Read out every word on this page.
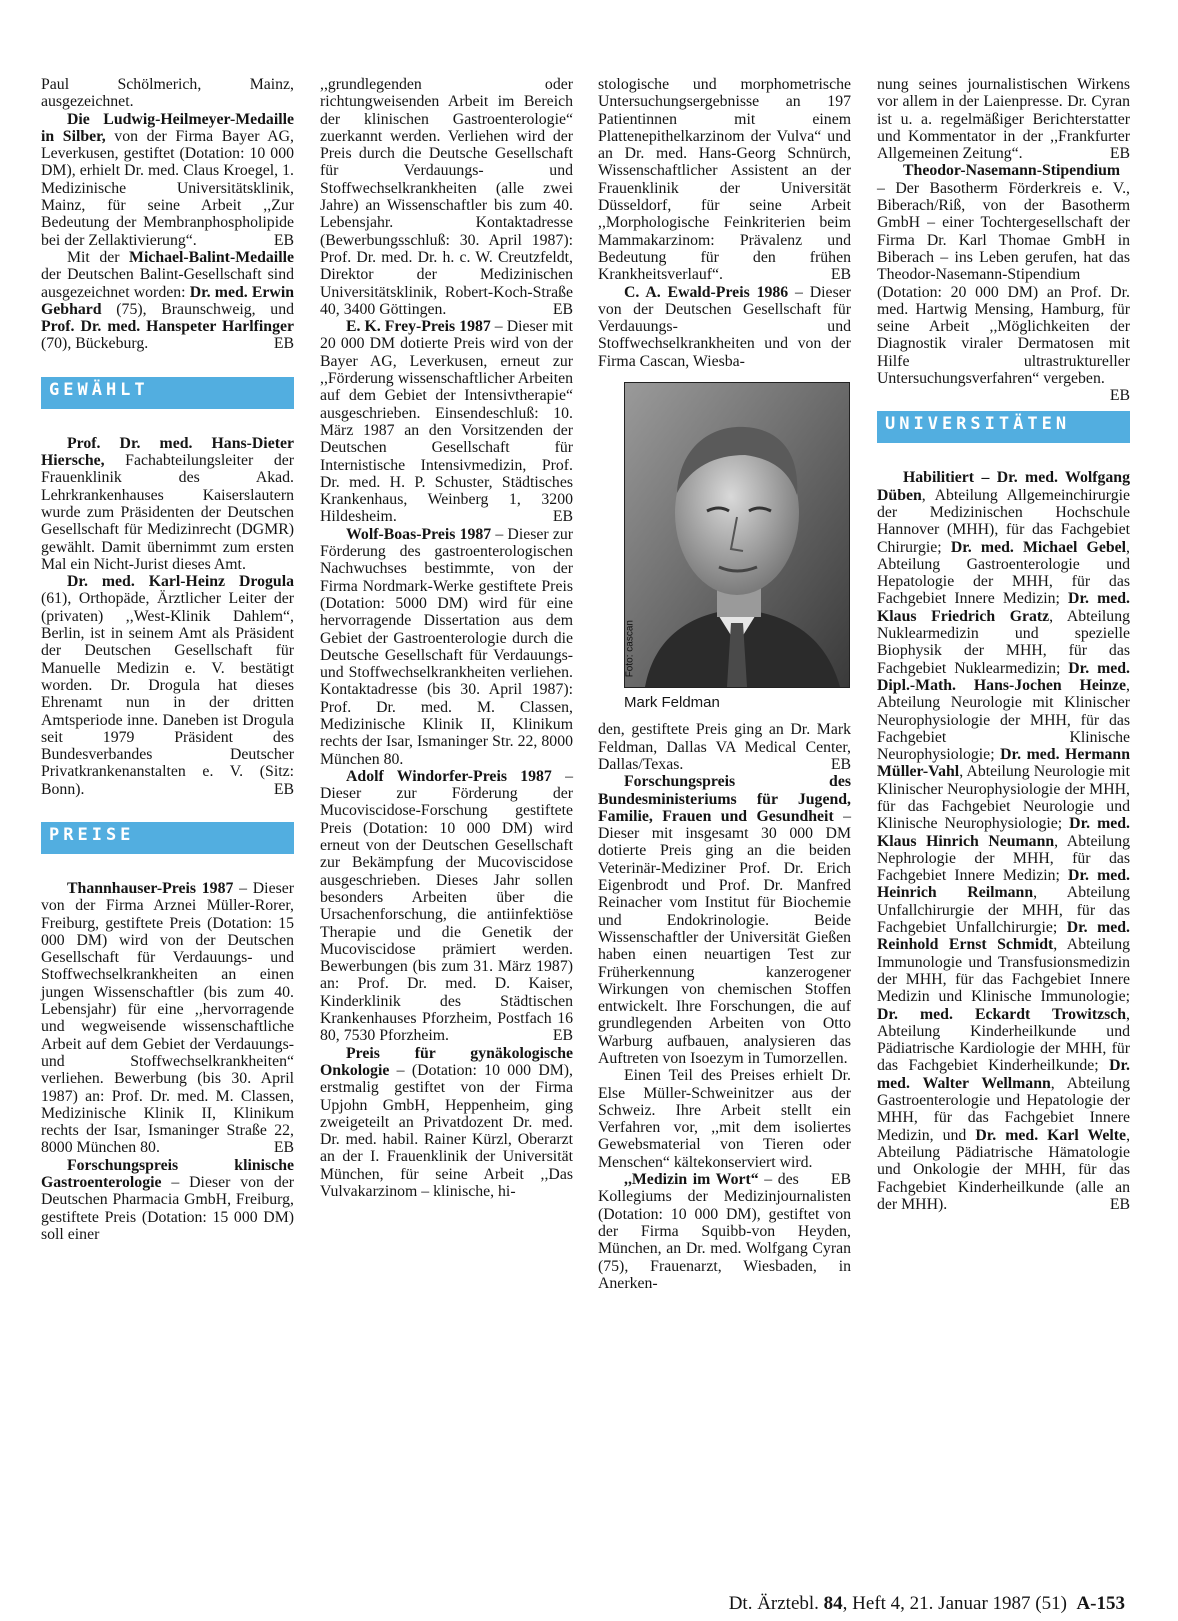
Paul Schölmerich, Mainz, ausgezeichnet.

Die Ludwig-Heilmeyer-Medaille in Silber, von der Firma Bayer AG, Leverkusen, gestiftet (Dotation: 10 000 DM), erhielt Dr. med. Claus Kroegel, 1. Medizinische Universitätsklinik, Mainz, für seine Arbeit ,,Zur Bedeutung der Membranphospholipide bei der Zellaktivierung“.	EB

Mit der Michael-Balint-Medaille der Deutschen Balint-Gesellschaft sind ausgezeichnet worden: Dr. med. Erwin Gebhard (75), Braunschweig, und Prof. Dr. med. Hanspeter Harlfinger (70), Bückeburg.	EB

GEWÄHLT

Prof. Dr. med. Hans-Dieter Hiersche, Fachabteilungsleiter der Frauenklinik des Akad. Lehrkrankenhauses Kaiserslautern wurde zum Präsidenten der Deutschen Gesellschaft für Medizinrecht (DGMR) gewählt. Damit übernimmt zum ersten Mal ein Nicht-Jurist dieses Amt.

Dr. med. Karl-Heinz Drogula (61), Orthopäde, Ärztlicher Leiter der (privaten) ,,West-Klinik Dahlem“, Berlin, ist in seinem Amt als Präsident der Deutschen Gesellschaft für Manuelle Medizin e. V. bestätigt worden. Dr. Drogula hat dieses Ehrenamt nun in der dritten Amtsperiode inne. Daneben ist Drogula seit 1979 Präsident des Bundesverbandes Deutscher Privatkrankenanstalten e. V. (Sitz: Bonn).	EB

PREISE

Thannhauser-Preis 1987 – Dieser von der Firma Arznei Müller-Rorer, Freiburg, gestiftete Preis (Dotation: 15 000 DM) wird von der Deutschen Gesellschaft für Verdauungs- und Stoffwechselkrankheiten an einen jungen Wissenschaftler (bis zum 40. Lebensjahr) für eine ,,hervorragende und wegweisende wissenschaftliche Arbeit auf dem Gebiet der Verdauungs- und Stoffwechselkrankheiten“ verliehen. Bewerbung (bis 30. April 1987) an: Prof. Dr. med. M. Classen, Medizinische Klinik II, Klinikum rechts der Isar, Ismaninger Straße 22, 8000 München 80.	EB

Forschungspreis klinische Gastroenterologie – Dieser von der Deutschen Pharmacia GmbH, Freiburg, gestiftete Preis (Dotation: 15 000 DM) soll einer

,,grundlegenden oder richtungweisenden Arbeit im Bereich der klinischen Gastroenterologie“ zuerkannt werden. Verliehen wird der Preis durch die Deutsche Gesellschaft für Verdauungs- und Stoffwechselkrankheiten (alle zwei Jahre) an Wissenschaftler bis zum 40. Lebensjahr. Kontaktadresse (Bewerbungsschluß: 30. April 1987): Prof. Dr. med. Dr. h. c. W. Creutzfeldt, Direktor der Medizinischen Universitätsklinik, Robert-Koch-Straße 40, 3400 Göttingen.	EB

E. K. Frey-Preis 1987 – Dieser mit 20 000 DM dotierte Preis wird von der Bayer AG, Leverkusen, erneut zur ,,Förderung wissenschaftlicher Arbeiten auf dem Gebiet der Intensivtherapie“ ausgeschrieben. Einsendeschluß: 10. März 1987 an den Vorsitzenden der Deutschen Gesellschaft für Internistische Intensivmedizin, Prof. Dr. med. H. P. Schuster, Städtisches Krankenhaus, Weinberg 1, 3200 Hildesheim.	EB

Wolf-Boas-Preis 1987 – Dieser zur Förderung des gastroenterologischen Nachwuchses bestimmte, von der Firma Nordmark-Werke gestiftete Preis (Dotation: 5000 DM) wird für eine hervorragende Dissertation aus dem Gebiet der Gastroenterologie durch die Deutsche Gesellschaft für Verdauungs- und Stoffwechselkrankheiten verliehen. Kontaktadresse (bis 30. April 1987): Prof. Dr. med. M. Classen, Medizinische Klinik II, Klinikum rechts der Isar, Ismaninger Str. 22, 8000 München 80.

Adolf Windorfer-Preis 1987 – Dieser zur Förderung der Mucoviscidose-Forschung gestiftete Preis (Dotation: 10 000 DM) wird erneut von der Deutschen Gesellschaft zur Bekämpfung der Mucoviscidose ausgeschrieben. Dieses Jahr sollen besonders Arbeiten über die Ursachenforschung, die antiinfektiöse Therapie und die Genetik der Mucoviscidose prämiert werden. Bewerbungen (bis zum 31. März 1987) an: Prof. Dr. med. D. Kaiser, Kinderklinik des Städtischen Krankenhauses Pforzheim, Postfach 16 80, 7530 Pforzheim.	EB

Preis für gynäkologische Onkologie – (Dotation: 10 000 DM), erstmalig gestiftet von der Firma Upjohn GmbH, Heppenheim, ging zweigeteilt an Privatdozent Dr. med. Dr. med. habil. Rainer Kürzl, Oberarzt an der I. Frauenklinik der Universität München, für seine Arbeit ,,Das Vulvakarzinom – klinische, hi-

stologische und morphometrische Untersuchungsergebnisse an 197 Patientinnen mit einem Plattenepithelkarzinom der Vulva“ und an Dr. med. Hans-Georg Schnürch, Wissenschaftlicher Assistent an der Frauenklinik der Universität Düsseldorf, für seine Arbeit ,,Morphologische Feinkriterien beim Mammakarzinom: Prävalenz und Bedeutung für den frühen Krankheitsverlauf“.	EB

C. A. Ewald-Preis 1986 – Dieser von der Deutschen Gesellschaft für Verdauungs- und Stoffwechselkrankheiten und von der Firma Cascan, Wiesba-

Foto: cascan
Mark Feldman

den, gestiftete Preis ging an Dr. Mark Feldman, Dallas VA Medical Center, Dallas/Texas.	EB

Forschungspreis des Bundesministeriums für Jugend, Familie, Frauen und Gesundheit – Dieser mit insgesamt 30 000 DM dotierte Preis ging an die beiden Veterinär-Mediziner Prof. Dr. Erich Eigenbrodt und Prof. Dr. Manfred Reinacher vom Institut für Biochemie und Endokrinologie. Beide Wissenschaftler der Universität Gießen haben einen neuartigen Test zur Früherkennung kanzerogener Wirkungen von chemischen Stoffen entwickelt. Ihre Forschungen, die auf grundlegenden Arbeiten von Otto Warburg aufbauen, analysieren das Auftreten von Isoezym in Tumorzellen.

Einen Teil des Preises erhielt Dr. Else Müller-Schweinitzer aus der Schweiz. Ihre Arbeit stellt ein Verfahren vor, ,,mit dem isoliertes Gewebsmaterial von Tieren oder Menschen“ kältekonserviert wird.
EB

,,Medizin im Wort“ – des Kollegiums der Medizinjournalisten (Dotation: 10 000 DM), gestiftet von der Firma Squibb-von Heyden, München, an Dr. med. Wolfgang Cyran (75), Frauenarzt, Wiesbaden, in Anerken-

nung seines journalistischen Wirkens vor allem in der Laienpresse. Dr. Cyran ist u. a. regelmäßiger Berichterstatter und Kommentator in der ,,Frankfurter Allgemeinen Zeitung“.	EB

Theodor-Nasemann-Stipendium – Der Basotherm Förderkreis e. V., Biberach/Riß, von der Basotherm GmbH – einer Tochtergesellschaft der Firma Dr. Karl Thomae GmbH in Biberach – ins Leben gerufen, hat das Theodor-Nasemann-Stipendium (Dotation: 20 000 DM) an Prof. Dr. med. Hartwig Mensing, Hamburg, für seine Arbeit ,,Möglichkeiten der Diagnostik viraler Dermatosen mit Hilfe ultrastruktureller Untersuchungsverfahren“ vergeben.
EB

UNIVERSITÄTEN

Habilitiert – Dr. med. Wolfgang Düben, Abteilung Allgemeinchirurgie der Medizinischen Hochschule Hannover (MHH), für das Fachgebiet Chirurgie; Dr. med. Michael Gebel, Abteilung Gastroenterologie und Hepatologie der MHH, für das Fachgebiet Innere Medizin; Dr. med. Klaus Friedrich Gratz, Abteilung Nuklearmedizin und spezielle Biophysik der MHH, für das Fachgebiet Nuklearmedizin; Dr. med. Dipl.-Math. Hans-Jochen Heinze, Abteilung Neurologie mit Klinischer Neurophysiologie der MHH, für das Fachgebiet Klinische Neurophysiologie; Dr. med. Hermann Müller-Vahl, Abteilung Neurologie mit Klinischer Neurophysiologie der MHH, für das Fachgebiet Neurologie und Klinische Neurophysiologie; Dr. med. Klaus Hinrich Neumann, Abteilung Nephrologie der MHH, für das Fachgebiet Innere Medizin; Dr. med. Heinrich Reilmann, Abteilung Unfallchirurgie der MHH, für das Fachgebiet Unfallchirurgie; Dr. med. Reinhold Ernst Schmidt, Abteilung Immunologie und Transfusionsmedizin der MHH, für das Fachgebiet Innere Medizin und Klinische Immunologie; Dr. med. Eckardt Trowitzsch, Abteilung Kinderheilkunde und Pädiatrische Kardiologie der MHH, für das Fachgebiet Kinderheilkunde; Dr. med. Walter Wellmann, Abteilung Gastroenterologie und Hepatologie der MHH, für das Fachgebiet Innere Medizin, und Dr. med. Karl Welte, Abteilung Pädiatrische Hämatologie und Onkologie der MHH, für das Fachgebiet Kinderheilkunde (alle an der MHH).	EB

Dt. Ärztebl. 84, Heft 4, 21. Januar 1987 (51) A-153
